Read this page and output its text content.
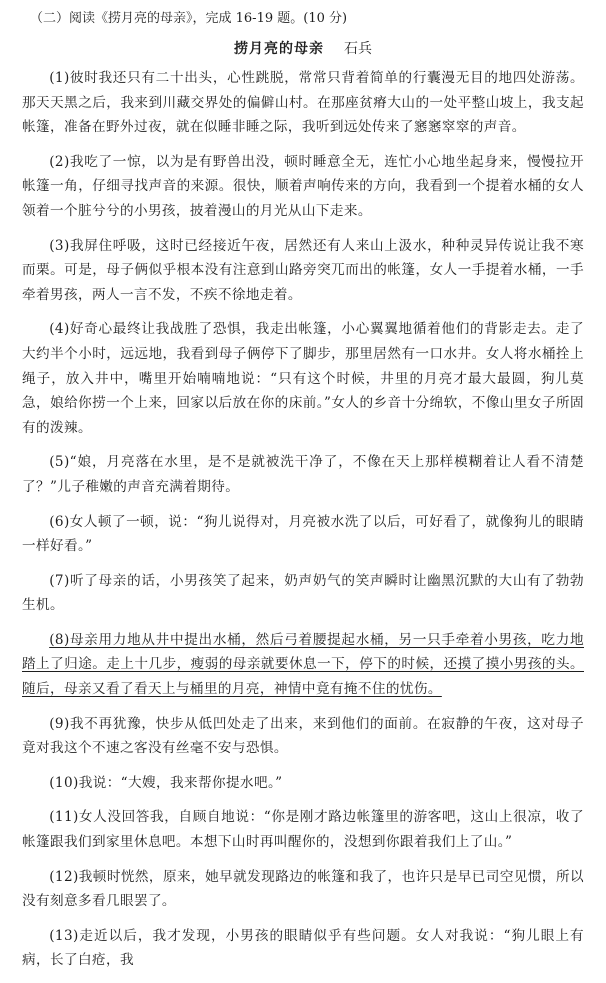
（二）阅读《捞月亮的母亲》，完成 16-19 题。(10 分)
捞月亮的母亲 石兵

(1)彼时我还只有二十出头，心性跳脱，常常只背着简单的行囊漫无目的地四处游荡。那天天黑之后，我来到川藏交界处的偏僻山村。在那座贫瘠大山的一处平整山坡上，我支起帐篷，准备在野外过夜，就在似睡非睡之际，我听到远处传来了窸窸窣窣的声音。

(2)我吃了一惊，以为是有野兽出没，顿时睡意全无，连忙小心地坐起身来，慢慢拉开帐篷一角，仔细寻找声音的来源。很快，顺着声响传来的方向，我看到一个提着水桶的女人领着一个脏兮兮的小男孩，披着漫山的月光从山下走来。

(3)我屏住呼吸，这时已经接近午夜，居然还有人来山上汲水，种种灵异传说让我不寒而栗。可是，母子俩似乎根本没有注意到山路旁突兀而出的帐篷，女人一手提着水桶，一手牵着男孩，两人一言不发，不疾不徐地走着。

(4)好奇心最终让我战胜了恐惧，我走出帐篷，小心翼翼地循着他们的背影走去。走了大约半个小时，远远地，我看到母子俩停下了脚步，那里居然有一口水井。女人将水桶拴上绳子，放入井中，嘴里开始喃喃地说：“只有这个时候，井里的月亮才最大最圆，狗儿莫急，娘给你捞一个上来，回家以后放在你的床前。”女人的乡音十分绵软，不像山里女子所固有的泼辣。

(5)“娘，月亮落在水里，是不是就被洗干净了，不像在天上那样模糊着让人看不清楚了？”儿子稚嫩的声音充满着期待。

(6)女人顿了一顿，说：“狗儿说得对，月亮被水洗了以后，可好看了，就像狗儿的眼睛一样好看。”

(7)听了母亲的话，小男孩笑了起来，奶声奶气的笑声瞬时让幽黑沉默的大山有了勃勃生机。

(8)母亲用力地从井中提出水桶，然后弓着腰提起水桶，另一只手牵着小男孩，吃力地踏上了归途。走上十几步，瘦弱的母亲就要休息一下，停下的时候，还摸了摸小男孩的头。随后，母亲又看了看天上与桶里的月亮，神情中竟有掩不住的忧伤。

(9)我不再犹豫，快步从低凹处走了出来，来到他们的面前。在寂静的午夜，这对母子竟对我这个不速之客没有丝毫不安与恐惧。

(10)我说：“大嫂，我来帮你提水吧。”

(11)女人没回答我，自顾自地说：“你是刚才路边帐篷里的游客吧，这山上很凉，收了帐篷跟我们到家里休息吧。本想下山时再叫醒你的，没想到你跟着我们上了山。”

(12)我顿时恍然，原来，她早就发现路边的帐篷和我了，也许只是早已司空见惯，所以没有刻意多看几眼罢了。

(13)走近以后，我才发现，小男孩的眼睛似乎有些问题。女人对我说：“狗儿眼上有病，长了白疮，我
